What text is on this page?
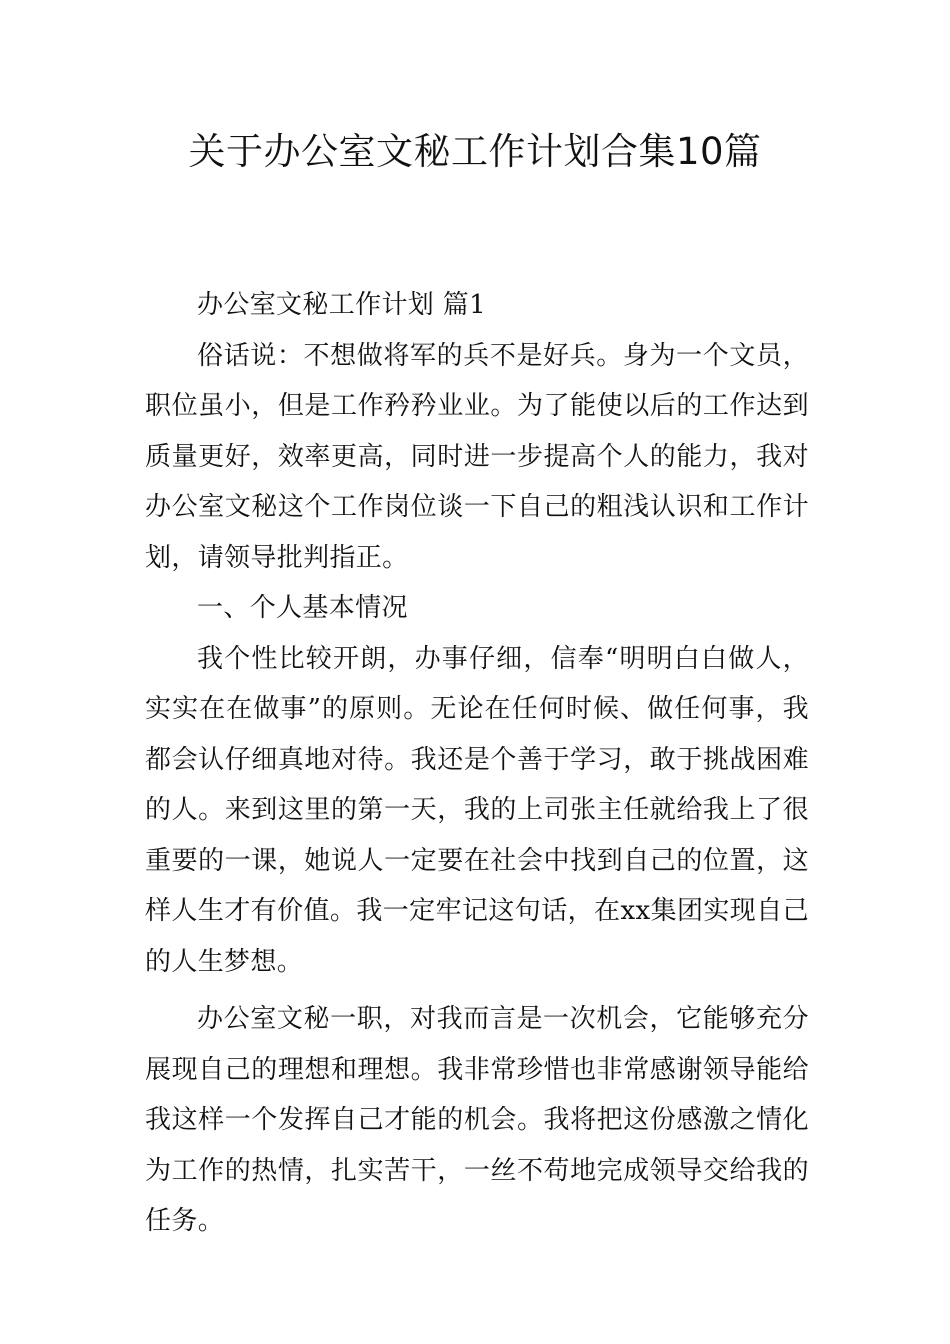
关于办公室文秘工作计划合集10篇

办公室文秘工作计划 篇1

俗话说：不想做将军的兵不是好兵。身为一个文员，职位虽小，但是工作矜矜业业。为了能使以后的工作达到质量更好，效率更高，同时进一步提高个人的能力，我对办公室文秘这个工作岗位谈一下自己的粗浅认识和工作计划，请领导批判指正。

一、个人基本情况

我个性比较开朗，办事仔细，信奉“明明白白做人，实实在在做事”的原则。无论在任何时候、做任何事，我都会认仔细真地对待。我还是个善于学习，敢于挑战困难的人。来到这里的第一天，我的上司张主任就给我上了很重要的一课，她说人一定要在社会中找到自己的位置，这样人生才有价值。我一定牢记这句话，在xx集团实现自己的人生梦想。

办公室文秘一职，对我而言是一次机会，它能够充分展现自己的理想和理想。我非常珍惜也非常感谢领导能给我这样一个发挥自己才能的机会。我将把这份感激之情化为工作的热情，扎实苦干，一丝不苟地完成领导交给我的任务。
